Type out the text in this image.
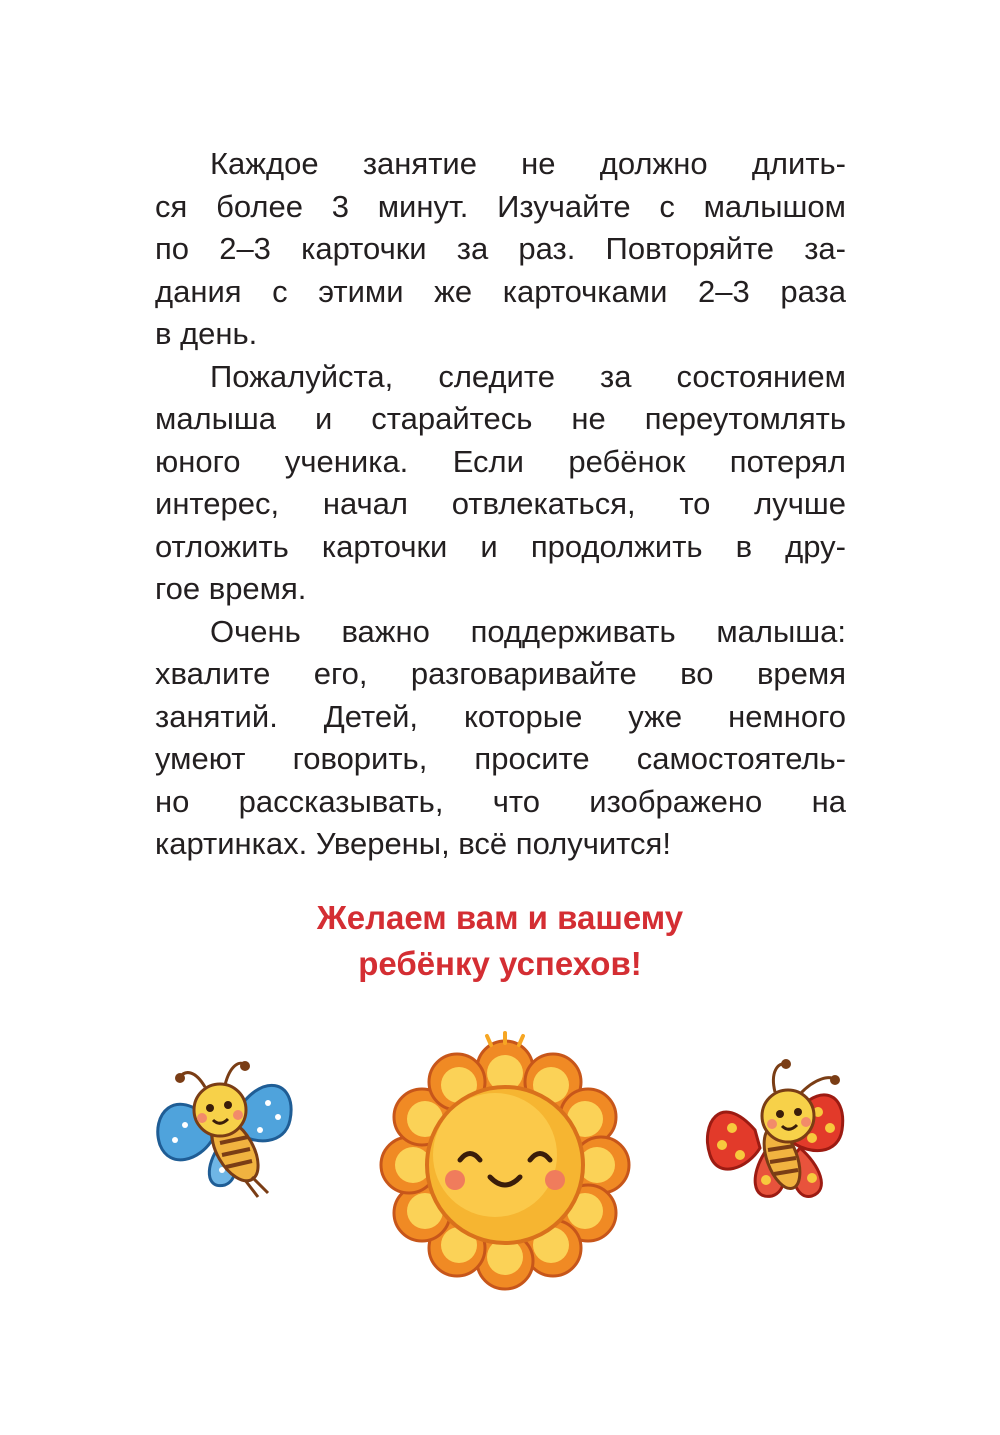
Каждое занятие не должно длить-
ся более 3 минут. Изучайте с малышом
по 2–3 карточки за раз. Повторяйте за-
дания с этими же карточками 2–3 раза
в день.
Пожалуйста, следите за состоянием
малыша и старайтесь не переутомлять
юного ученика. Если ребёнок потерял
интерес, начал отвлекаться, то лучше
отложить карточки и продолжить в дру-
гое время.
Очень важно поддерживать малыша:
хвалите его, разговаривайте во время
занятий. Детей, которые уже немного
умеют говорить, просите самостоятель-
но рассказывать, что изображено на
картинках. Уверены, всё получится!
Желаем вам и вашему
ребёнку успехов!
